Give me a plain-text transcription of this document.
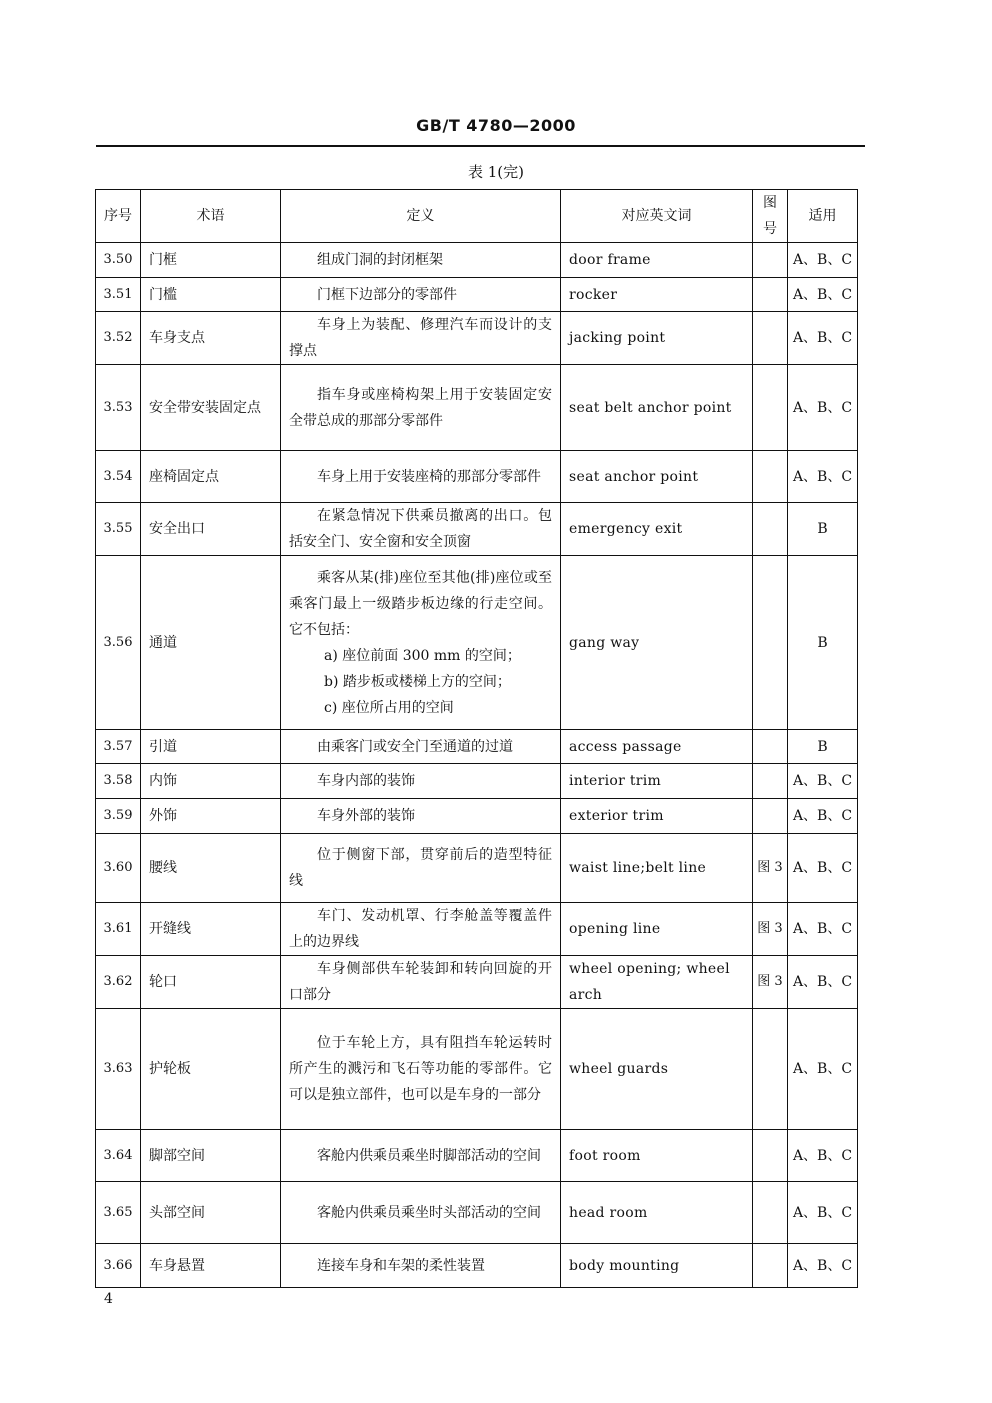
GB/T 4780—2000
表 1(完)
序号	术语	定义	对应英文词	图号	适用
3.50	门框	组成门洞的封闭框架	door frame		A、B、C
3.51	门槛	门框下边部分的零部件	rocker		A、B、C
3.52	车身支点	车身上为装配、修理汽车而设计的支撑点	jacking point		A、B、C
3.53	安全带安装固定点	指车身或座椅构架上用于安装固定安全带总成的那部分零部件	seat belt anchor point		A、B、C
3.54	座椅固定点	车身上用于安装座椅的那部分零部件	seat anchor point		A、B、C
3.55	安全出口	在紧急情况下供乘员撤离的出口。包括安全门、安全窗和安全顶窗	emergency exit		B
3.56	通道	乘客从某(排)座位至其他(排)座位或至乘客门最上一级踏步板边缘的行走空间。它不包括：
a) 座位前面 300 mm 的空间；
b) 踏步板或楼梯上方的空间；
c) 座位所占用的空间	gang way		B
3.57	引道	由乘客门或安全门至通道的过道	access passage		B
3.58	内饰	车身内部的装饰	interior trim		A、B、C
3.59	外饰	车身外部的装饰	exterior trim		A、B、C
3.60	腰线	位于侧窗下部，贯穿前后的造型特征线	waist line;belt line	图 3	A、B、C
3.61	开缝线	车门、发动机罩、行李舱盖等覆盖件上的边界线	opening line	图 3	A、B、C
3.62	轮口	车身侧部供车轮装卸和转向回旋的开口部分	wheel opening; wheel arch	图 3	A、B、C
3.63	护轮板	位于车轮上方，具有阻挡车轮运转时所产生的溅污和飞石等功能的零部件。它可以是独立部件，也可以是车身的一部分	wheel guards		A、B、C
3.64	脚部空间	客舱内供乘员乘坐时脚部活动的空间	foot room		A、B、C
3.65	头部空间	客舱内供乘员乘坐时头部活动的空间	head room		A、B、C
3.66	车身悬置	连接车身和车架的柔性装置	body mounting		A、B、C
4
